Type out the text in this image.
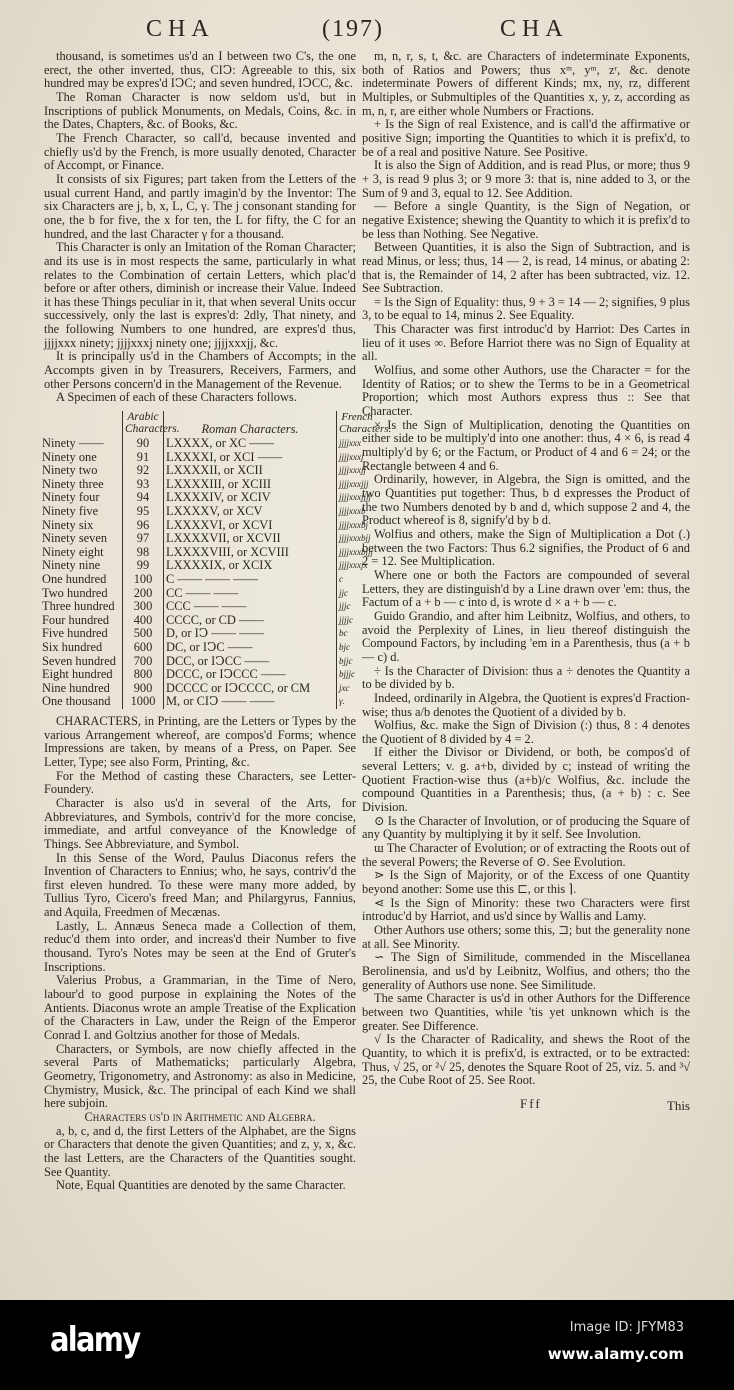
CHA	(197)	CHA

thousand, is sometimes us'd an I between two C's, the one erect, the other inverted, thus, CIↃ: Agreeable to this, six hundred may be expres'd IↃC; and seven hundred, IↃCC, &c.

The Roman Character is now seldom us'd, but in Inscriptions of publick Monuments, on Medals, Coins, &c. in the Dates, Chapters, &c. of Books, &c.

The French Character, so call'd, because invented and chiefly us'd by the French, is more usually denoted, Character of Accompt, or Finance.

It consists of six Figures; part taken from the Letters of the usual current Hand, and partly imagin'd by the Inventor: The six Characters are j, b, x, L, C, γ. The j consonant standing for one, the b for five, the x for ten, the L for fifty, the C for an hundred, and the last Character γ for a thousand.

This Character is only an Imitation of the Roman Character; and its use is in most respects the same, particularly in what relates to the Combination of certain Letters, which plac'd before or after others, diminish or increase their Value. Indeed it has these Things peculiar in it, that when several Units occur successively, only the last is expres'd: 2dly, That ninety, and the following Numbers to one hundred, are expres'd thus, jjjjxxx ninety; jjjjxxxj ninety one; jjjjxxxjj, &c.

It is principally us'd in the Chambers of Accompts; in the Accompts given in by Treasurers, Receivers, Farmers, and other Persons concern'd in the Management of the Revenue.

A Specimen of each of these Characters follows.

	Arabic Characters.	Roman Characters.	French Characters.
Ninety ——	90	LXXXX, or XC ——	jjjjxxx
Ninety one	91	LXXXXI, or XCI ——	jjjjxxxj
Ninety two	92	LXXXXII, or XCII	jjjjxxxjj
Ninety three	93	LXXXXIII, or XCIII	jjjjxxxjjj
Ninety four	94	LXXXXIV, or XCIV	jjjjxxxjjjj
Ninety five	95	LXXXXV, or XCV	jjjjxxxb
Ninety six	96	LXXXXVI, or XCVI	jjjjxxxbj
Ninety seven	97	LXXXXVII, or XCVII	jjjjxxxbjj
Ninety eight	98	LXXXXVIII, or XCVIII	jjjjxxxbjjj
Ninety nine	99	LXXXXIX, or XCIX	jjjjxxxjx
One hundred	100	C —— —— ——	c
Two hundred	200	CC —— ——	jjc
Three hundred	300	CCC —— ——	jjjc
Four hundred	400	CCCC, or CD ——	jjjjc
Five hundred	500	D, or IↃ —— ——	bc
Six hundred	600	DC, or IↃC ——	bjc
Seven hundred	700	DCC, or IↃCC ——	bjjc
Eight hundred	800	DCCC, or IↃCCC ——	bjjjc
Nine hundred	900	DCCCC or IↃCCCC, or CM	jxc
One thousand	1000	M, or CIↃ —— ——	γ.

CHARACTERS, in Printing, are the Letters or Types by the various Arrangement whereof, are compos'd Forms; whence Impressions are taken, by means of a Press, on Paper. See Letter, Type; see also Form, Printing, &c.

For the Method of casting these Characters, see Letter-Foundery.

Character is also us'd in several of the Arts, for Abbreviatures, and Symbols, contriv'd for the more concise, immediate, and artful conveyance of the Knowledge of Things. See Abbreviature, and Symbol.

In this Sense of the Word, Paulus Diaconus refers the Invention of Characters to Ennius; who, he says, contriv'd the first eleven hundred. To these were many more added, by Tullius Tyro, Cicero's freed Man; and Philargyrus, Fannius, and Aquila, Freedmen of Mecænas.

Lastly, L. Annæus Seneca made a Collection of them, reduc'd them into order, and increas'd their Number to five thousand. Tyro's Notes may be seen at the End of Gruter's Inscriptions.

Valerius Probus, a Grammarian, in the Time of Nero, labour'd to good purpose in explaining the Notes of the Antients. Diaconus wrote an ample Treatise of the Explication of the Characters in Law, under the Reign of the Emperor Conrad I. and Goltzius another for those of Medals.

Characters, or Symbols, are now chiefly affected in the several Parts of Mathematicks; particularly Algebra, Geometry, Trigonometry, and Astronomy: as also in Medicine, Chymistry, Musick, &c. The principal of each Kind we shall here subjoin.

Characters us'd in Arithmetic and Algebra.

a, b, c, and d, the first Letters of the Alphabet, are the Signs or Characters that denote the given Quantities; and z, y, x, &c. the last Letters, are the Characters of the Quantities sought. See Quantity.

Note, Equal Quantities are denoted by the same Character.

m, n, r, s, t, &c. are Characters of indeterminate Exponents, both of Ratios and Powers; thus xᵐ, yᵐ, zʳ, &c. denote indeterminate Powers of different Kinds; mx, ny, rz, different Multiples, or Submultiples of the Quantities x, y, z, according as m, n, r, are either whole Numbers or Fractions.

+ Is the Sign of real Existence, and is call'd the affirmative or positive Sign; importing the Quantities to which it is prefix'd, to be of a real and positive Nature. See Positive.

It is also the Sign of Addition, and is read Plus, or more; thus 9 + 3, is read 9 plus 3; or 9 more 3: that is, nine added to 3, or the Sum of 9 and 3, equal to 12. See Addition.

— Before a single Quantity, is the Sign of Negation, or negative Existence; shewing the Quantity to which it is prefix'd to be less than Nothing. See Negative.

Between Quantities, it is also the Sign of Subtraction, and is read Minus, or less; thus, 14 — 2, is read, 14 minus, or abating 2: that is, the Remainder of 14, 2 after has been subtracted, viz. 12. See Subtraction.

= Is the Sign of Equality: thus, 9 + 3 = 14 — 2; signifies, 9 plus 3, to be equal to 14, minus 2. See Equality.

This Character was first introduc'd by Harriot: Des Cartes in lieu of it uses ∞. Before Harriot there was no Sign of Equality at all.

Wolfius, and some other Authors, use the Character = for the Identity of Ratios; or to shew the Terms to be in a Geometrical Proportion; which most Authors express thus :: See that Character.

× Is the Sign of Multiplication, denoting the Quantities on either side to be multiply'd into one another: thus, 4 × 6, is read 4 multiply'd by 6; or the Factum, or Product of 4 and 6 = 24; or the Rectangle between 4 and 6.

Ordinarily, however, in Algebra, the Sign is omitted, and the two Quantities put together: Thus, b d expresses the Product of the two Numbers denoted by b and d, which suppose 2 and 4, the Product whereof is 8, signify'd by b d.

Wolfius and others, make the Sign of Multiplication a Dot (.) between the two Factors: Thus 6.2 signifies, the Product of 6 and 2 = 12. See Multiplication.

Where one or both the Factors are compounded of several Letters, they are distinguish'd by a Line drawn over 'em: thus, the Factum of a + b — c into d, is wrote d × a + b — c.

Guido Grandio, and after him Leibnitz, Wolfius, and others, to avoid the Perplexity of Lines, in lieu thereof distinguish the Compound Factors, by including 'em in a Parenthesis, thus (a + b — c) d.

÷ Is the Character of Division: thus a ÷ denotes the Quantity a to be divided by b.

Indeed, ordinarily in Algebra, the Quotient is expres'd Fraction-wise; thus a/b denotes the Quotient of a divided by b.

Wolfius, &c. make the Sign of Division (:) thus, 8 : 4 denotes the Quotient of 8 divided by 4 = 2.

If either the Divisor or Dividend, or both, be compos'd of several Letters; v. g. a+b, divided by c; instead of writing the Quotient Fraction-wise thus (a+b)/c Wolfius, &c. include the compound Quantities in a Parenthesis; thus, (a + b) : c. See Division.

⊙ Is the Character of Involution, or of producing the Square of any Quantity by multiplying it by it self. See Involution.

ɯ The Character of Evolution; or of extracting the Roots out of the several Powers; the Reverse of ⊙. See Evolution.

⋗ Is the Sign of Majority, or of the Excess of one Quantity beyond another: Some use this ⊏, or this ⌉.

⋖ Is the Sign of Minority: these two Characters were first introduc'd by Harriot, and us'd since by Wallis and Lamy.

Other Authors use others; some this, ⊐; but the generality none at all. See Minority.

∽ The Sign of Similitude, commended in the Miscellanea Berolinensia, and us'd by Leibnitz, Wolfius, and others; tho the generality of Authors use none. See Similitude.

The same Character is us'd in other Authors for the Difference between two Quantities, while 'tis yet unknown which is the greater. See Difference.

√ Is the Character of Radicality, and shews the Root of the Quantity, to which it is prefix'd, is extracted, or to be extracted: Thus, √ 25, or ²√ 25, denotes the Square Root of 25, viz. 5. and ³√ 25, the Cube Root of 25. See Root.

Fff	This
alamy	Image ID: JFYM83
www.alamy.com
